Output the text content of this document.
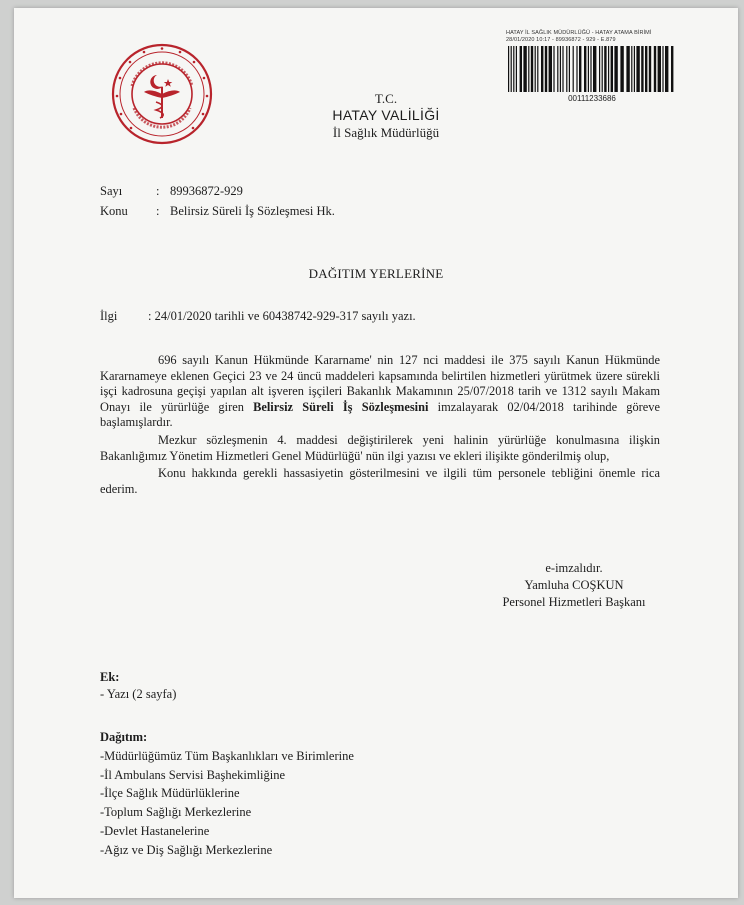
HATAY İL SAĞLIK MÜDÜRLÜĞÜ - HATAY ATAMA BİRİMİ
28/01/2020 10:17 - 89936872 - 929 - E.879
00111233686
T.C.
HATAY VALİLİĞİ
İl Sağlık Müdürlüğü
Sayı	: 89936872-929
Konu : Belirsiz Süreli İş Sözleşmesi Hk.
DAĞITIM YERLERİNE
İlgi : 24/01/2020 tarihli ve 60438742-929-317 sayılı yazı.

696 sayılı Kanun Hükmünde Kararname' nin 127 nci maddesi ile 375 sayılı Kanun Hükmünde Kararnameye eklenen Geçici 23 ve 24 üncü maddeleri kapsamında belirtilen hizmetleri yürütmek üzere sürekli işçi kadrosuna geçişi yapılan alt işveren işçileri Bakanlık Makamının 25/07/2018 tarih ve 1312 sayılı Makam Onayı ile yürürlüğe giren Belirsiz Süreli İş Sözleşmesini imzalayarak 02/04/2018 tarihinde göreve başlamışlardır.

Mezkur sözleşmenin 4. maddesi değiştirilerek yeni halinin yürürlüğe konulmasına ilişkin Bakanlığımız Yönetim Hizmetleri Genel Müdürlüğü' nün ilgi yazısı ve ekleri ilişikte gönderilmiş olup,

Konu hakkında gerekli hassasiyetin gösterilmesini ve ilgili tüm personele tebliğini önemle rica ederim.

e-imzalıdır.
Yamluha COŞKUN
Personel Hizmetleri Başkanı
Ek:
- Yazı (2 sayfa)
Dağıtım:
-Müdürlüğümüz Tüm Başkanlıkları ve Birimlerine
-İl Ambulans Servisi Başhekimliğine
-İlçe Sağlık Müdürlüklerine
-Toplum Sağlığı Merkezlerine
-Devlet Hastanelerine
-Ağız ve Diş Sağlığı Merkezlerine
